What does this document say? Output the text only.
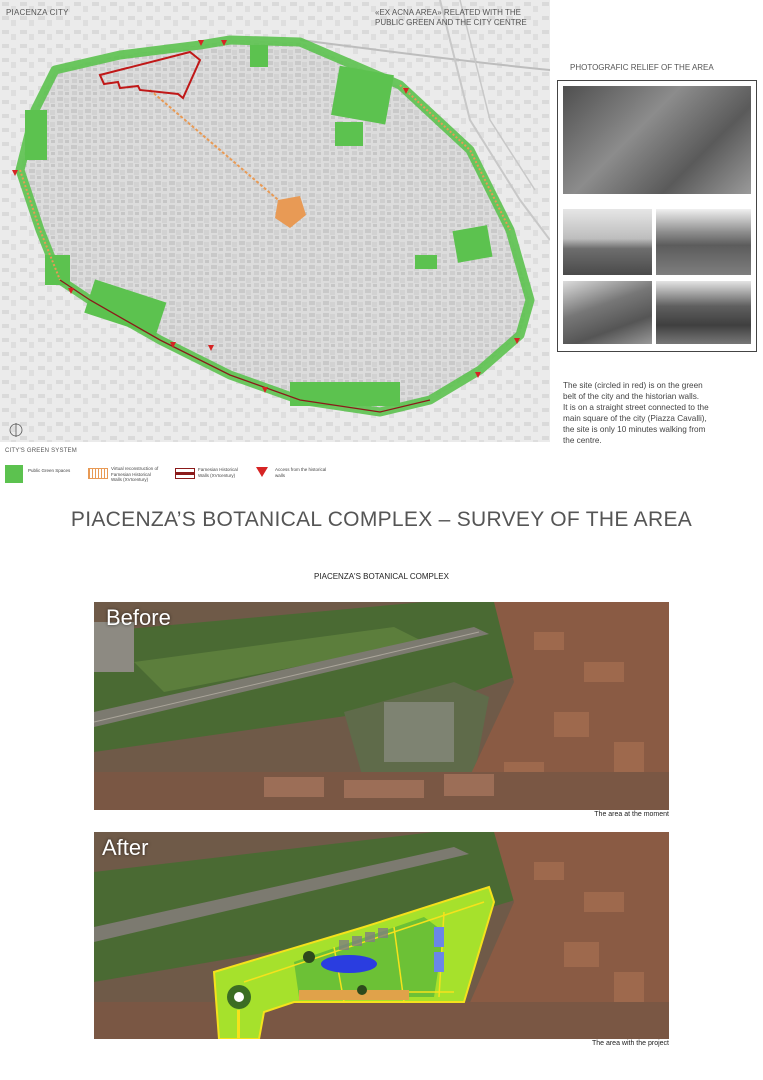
PIACENZA CITY	«EX ACNA AREA» RELATED WITH THE
PUBLIC GREEN AND THE CITY CENTRE
PHOTOGRAFIC RELIEF OF THE AREA
The site (circled in red) is on the green
belt of the city and the historian walls.
It is on a straight street connected to the
main square of the city (Piazza Cavalli),
the site is only 10 minutes walking from
the centre.
CITY'S GREEN SYSTEM
Public Green Spaces	Virtual reconstruction of
Farnesian Historical
Walls (XVIcentury)
Farnesian Historical
Walls (XVIcentury)
Access from the historical
walls
PIACENZA’S BOTANICAL COMPLEX – SURVEY OF THE AREA
PIACENZA'S BOTANICAL COMPLEX
Before
The area at the moment
After
The area with the project
